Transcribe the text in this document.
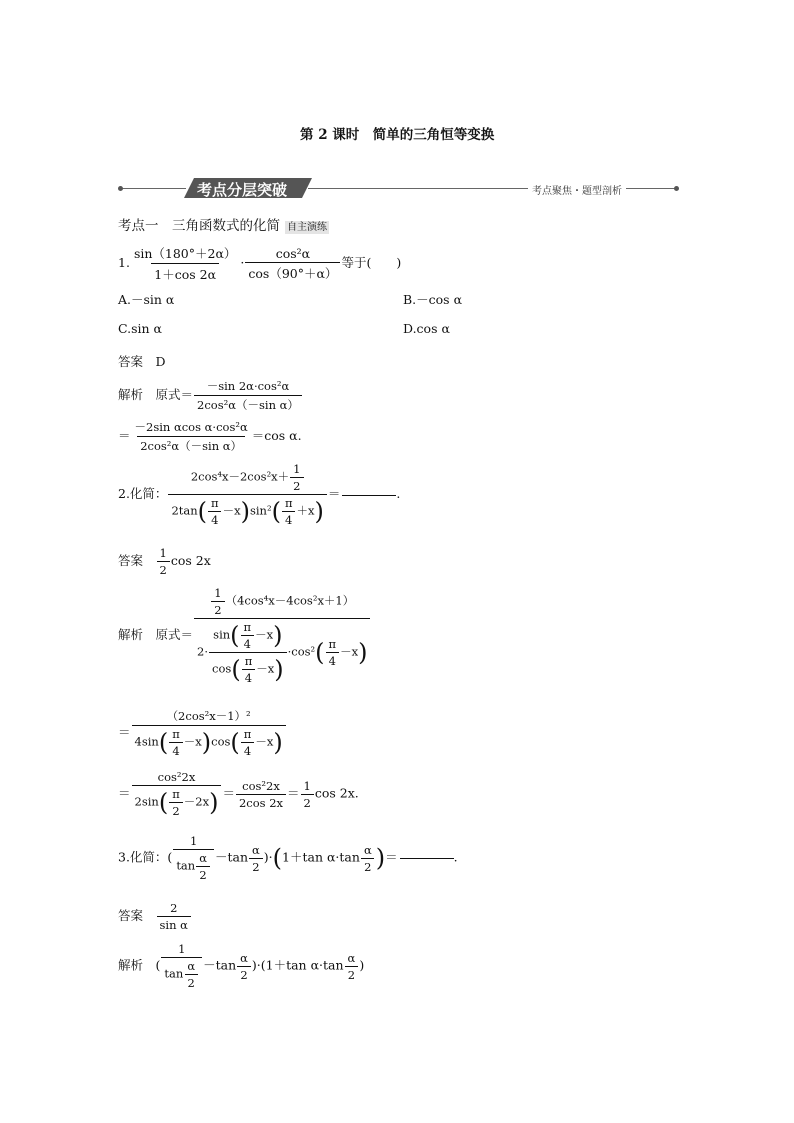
第 2 课时　简单的三角恒等变换
考点分层突破	考点聚焦・题型剖析
考点一　三角函数式的化简 自主演练
1. $\frac{\sin(180^\circ+2\alpha)}{1+\cos 2\alpha} \cdot \frac{\text{cos²α}}{\cos(90^\circ+\alpha)}$ 等于(　　)
A.－sin α	B.－cos α
C.sin α	D.cos α
答案　 D
解析　 原式＝ $\frac{\text{－sin 2α·cos²α}}{\text{2cos²α（－sin α）}}$
＝ $\frac{\text{－2sin αcos α·cos²α}}{\text{2cos²α（－sin α）}} =\cos$ α.
2.化简： $\frac{2\cos^4x-2\cos^2x+ \frac{1}{2}}{2\tan( \frac{\pi}{4} -x)\sin^2( \frac{\pi}{4} +x)}$ ＝	.
答案　 $\frac{1}{2}$ cos 2x
解析　 原式＝ $\frac{\frac{1}{2} (4\cos^4x-4\cos^2x+1)}{2\cdot \frac{\sin( \frac{\pi}{4} -x)}{\cos( \frac{\pi}{4} -x)} \cdot\cos^2( \frac{\pi}{4} -x)}$
＝ $\frac{\text{（2cos²x－1）²}}{4\sin( \frac{\pi}{4} -x)\cos( \frac{\pi}{4} -x)}$
＝ $\frac{\text{cos²2x}}{2\sin( \frac{\pi}{2} -2x)} = \frac{\text{cos²2x}}{2\cos 2x} = \frac{1}{2}$ cos 2x.
3.化简：( $\frac{1}{\tan \frac{\alpha}{2}} -\tan \frac{\alpha}{2} )\cdot(1+\tan$ $\alpha\cdot\tan \frac{\alpha}{2}$ )＝	.
答案　 $\frac{2}{\text{sin α}}$
解析　 ( $\frac{1}{\tan \frac{\alpha}{2}} -\tan \frac{\alpha}{2} )\cdot(1+\tan$ $\alpha\cdot\tan \frac{\alpha}{2}$ )
